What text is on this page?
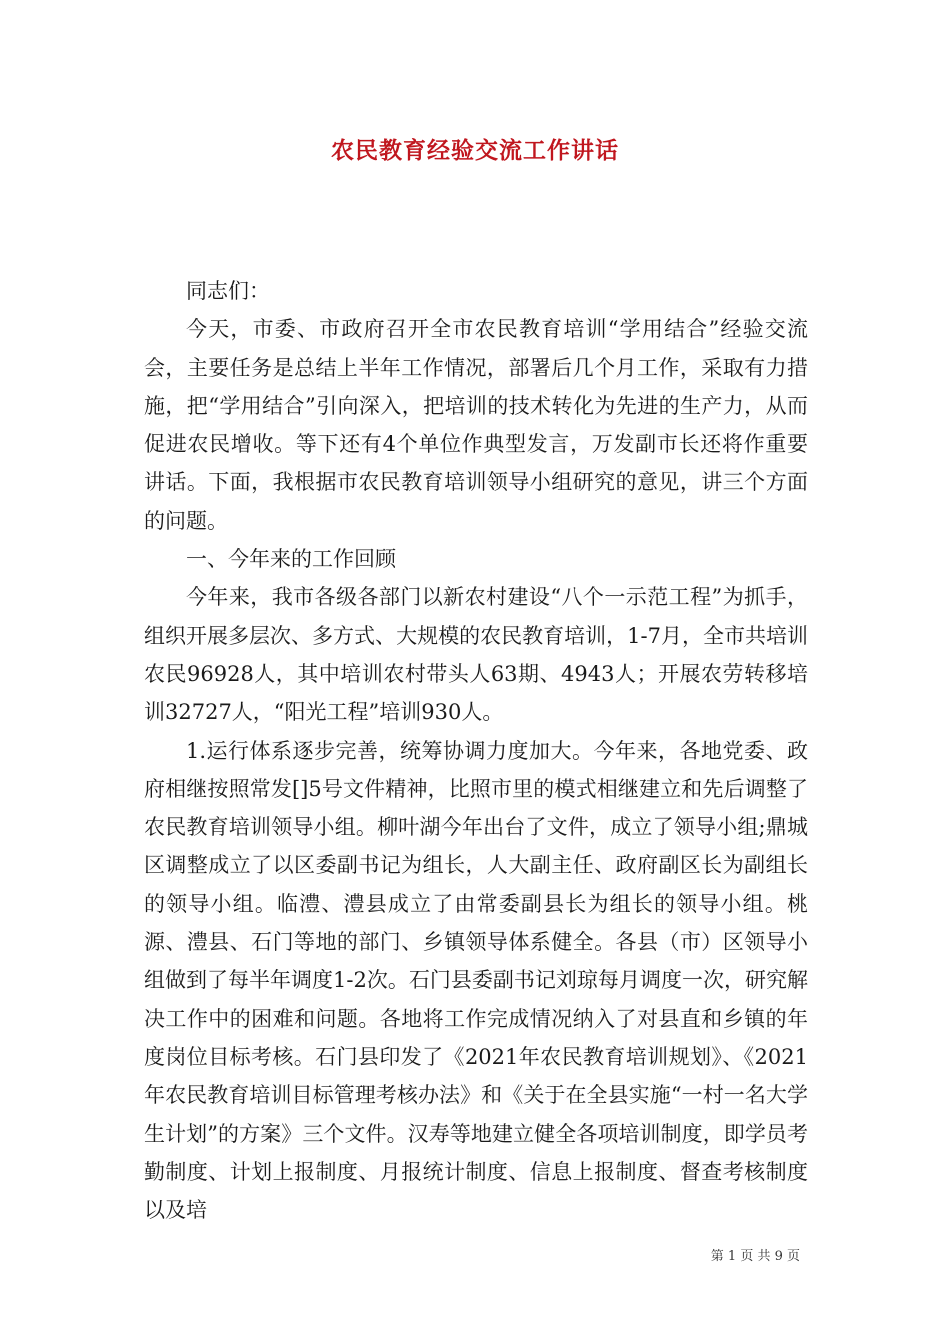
农民教育经验交流工作讲话

同志们：

今天，市委、市政府召开全市农民教育培训“学用结合”经验交流会，主要任务是总结上半年工作情况，部署后几个月工作，采取有力措施，把“学用结合”引向深入，把培训的技术转化为先进的生产力，从而促进农民增收。等下还有4个单位作典型发言，万发副市长还将作重要讲话。下面，我根据市农民教育培训领导小组研究的意见，讲三个方面的问题。

一、今年来的工作回顾

今年来，我市各级各部门以新农村建设“八个一示范工程”为抓手，组织开展多层次、多方式、大规模的农民教育培训，1-7月，全市共培训农民96928人，其中培训农村带头人63期、4943人；开展农劳转移培训32727人，“阳光工程”培训930人。

1.运行体系逐步完善，统筹协调力度加大。今年来，各地党委、政府相继按照常发[]5号文件精神，比照市里的模式相继建立和先后调整了农民教育培训领导小组。柳叶湖今年出台了文件，成立了领导小组;鼎城区调整成立了以区委副书记为组长，人大副主任、政府副区长为副组长的领导小组。临澧、澧县成立了由常委副县长为组长的领导小组。桃源、澧县、石门等地的部门、乡镇领导体系健全。各县（市）区领导小组做到了每半年调度1-2次。石门县委副书记刘琼每月调度一次，研究解决工作中的困难和问题。各地将工作完成情况纳入了对县直和乡镇的年度岗位目标考核。石门县印发了《2021年农民教育培训规划》、《2021年农民教育培训目标管理考核办法》和《关于在全县实施“一村一名大学生计划”的方案》三个文件。汉寿等地建立健全各项培训制度，即学员考勤制度、计划上报制度、月报统计制度、信息上报制度、督查考核制度以及培

第 1 页 共 9 页
